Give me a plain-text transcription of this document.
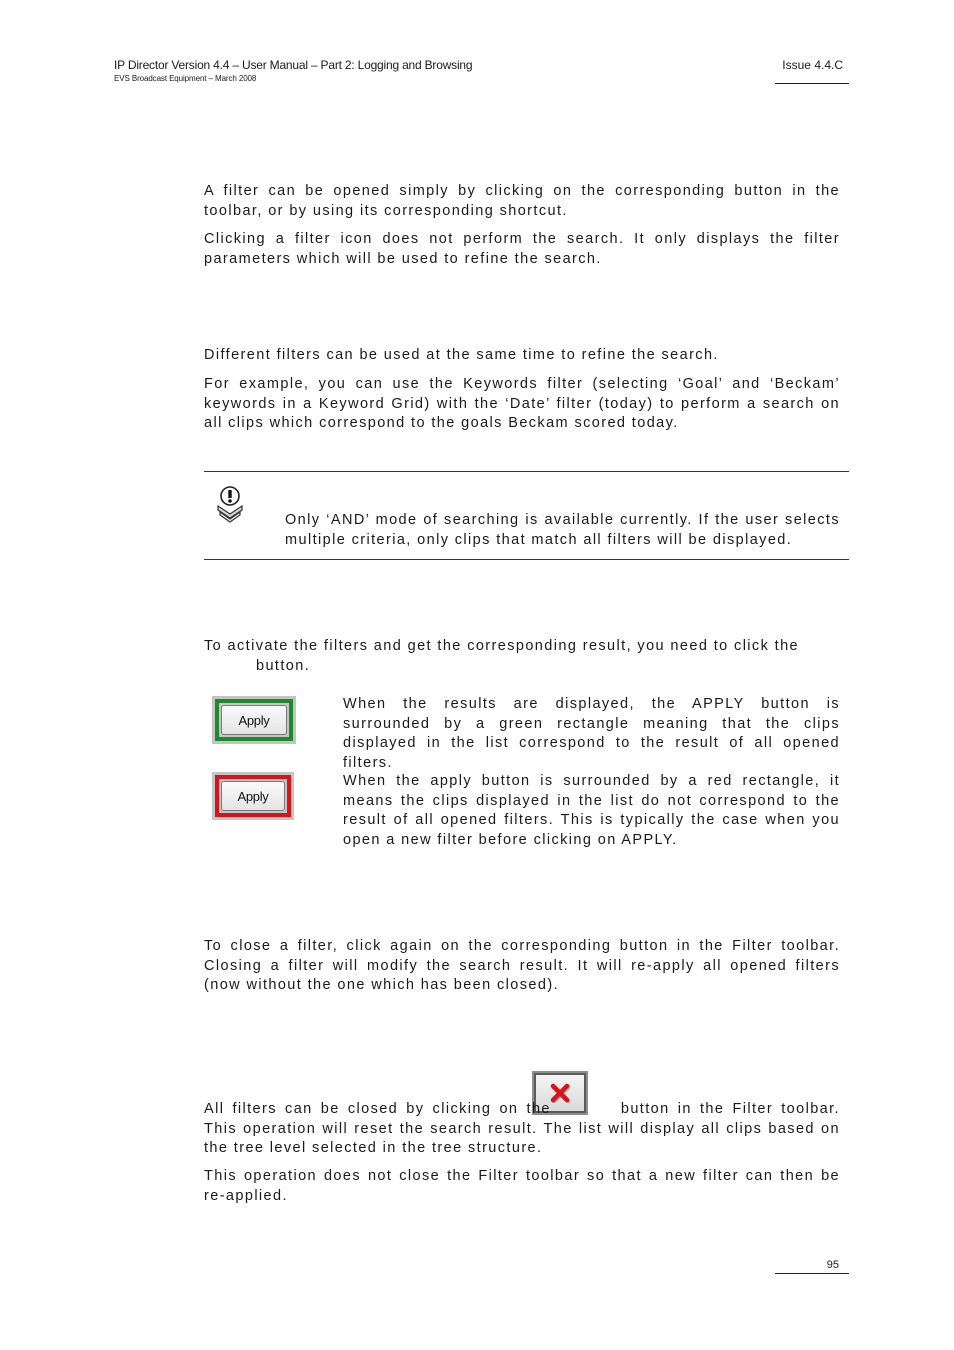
IP Director Version 4.4 – User Manual – Part 2: Logging and Browsing
EVS Broadcast Equipment – March 2008
Issue 4.4.C

A filter can be opened simply by clicking on the corresponding button in the toolbar, or by using its corresponding shortcut.

Clicking a filter icon does not perform the search. It only displays the filter parameters which will be used to refine the search.

Different filters can be used at the same time to refine the search.

For example, you can use the Keywords filter (selecting ‘Goal’ and ‘Beckam’ keywords in a Keyword Grid) with the ‘Date’ filter (today) to perform a search on all clips which correspond to the goals Beckam scored today.

Only ‘AND’ mode of searching is available currently. If the user selects multiple criteria, only clips that match all filters will be displayed.

To activate the filters and get the corresponding result, you need to click the
button.

Apply

When the results are displayed, the APPLY button is surrounded by a green rectangle meaning that the clips displayed in the list correspond to the result of all opened filters.

Apply

When the apply button is surrounded by a red rectangle, it means the clips displayed in the list do not correspond to the result of all opened filters. This is typically the case when you open a new filter before clicking on APPLY.

To close a filter, click again on the corresponding button in the Filter toolbar. Closing a filter will modify the search result. It will re-apply all opened filters (now without the one which has been closed).

All filters can be closed by clicking on the	button in the Filter toolbar. This operation will reset the search result. The list will display all clips based on the tree level selected in the tree structure.

This operation does not close the Filter toolbar so that a new filter can then be re-applied.

95
